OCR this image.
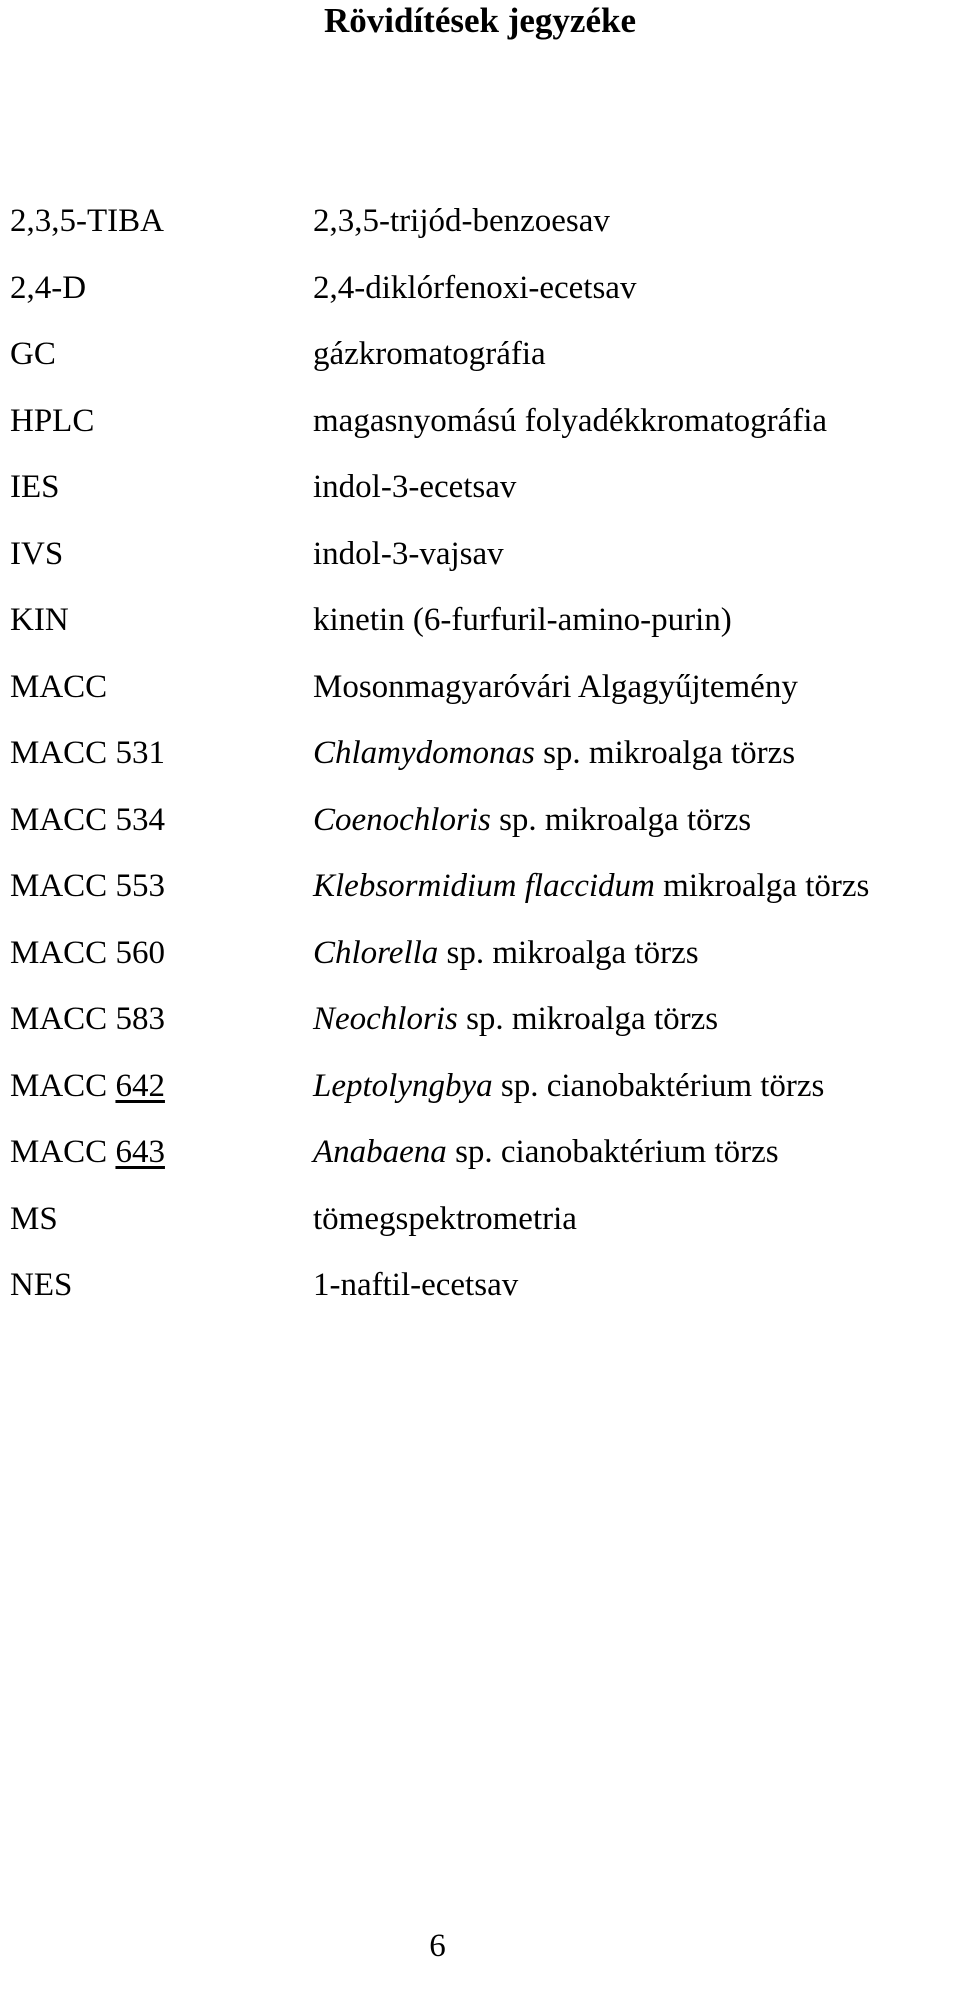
Rövidítések jegyzéke
2,3,5-TIBA	2,3,5-trijód-benzoesav
2,4-D	2,4-diklórfenoxi-ecetsav
GC	gázkromatográfia
HPLC	magasnyomású folyadékkromatográfia
IES	indol-3-ecetsav
IVS	indol-3-vajsav
KIN	kinetin (6-furfuril-amino-purin)
MACC	Mosonmagyaróvári Algagyűjtemény
MACC 531	Chlamydomonas sp. mikroalga törzs
MACC 534	Coenochloris sp. mikroalga törzs
MACC 553	Klebsormidium flaccidum mikroalga törzs
MACC 560	Chlorella sp. mikroalga törzs
MACC 583	Neochloris sp. mikroalga törzs
MACC 642	Leptolyngbya sp. cianobaktérium törzs
MACC 643	Anabaena sp. cianobaktérium törzs
MS	tömegspektrometria
NES	1-naftil-ecetsav
6
